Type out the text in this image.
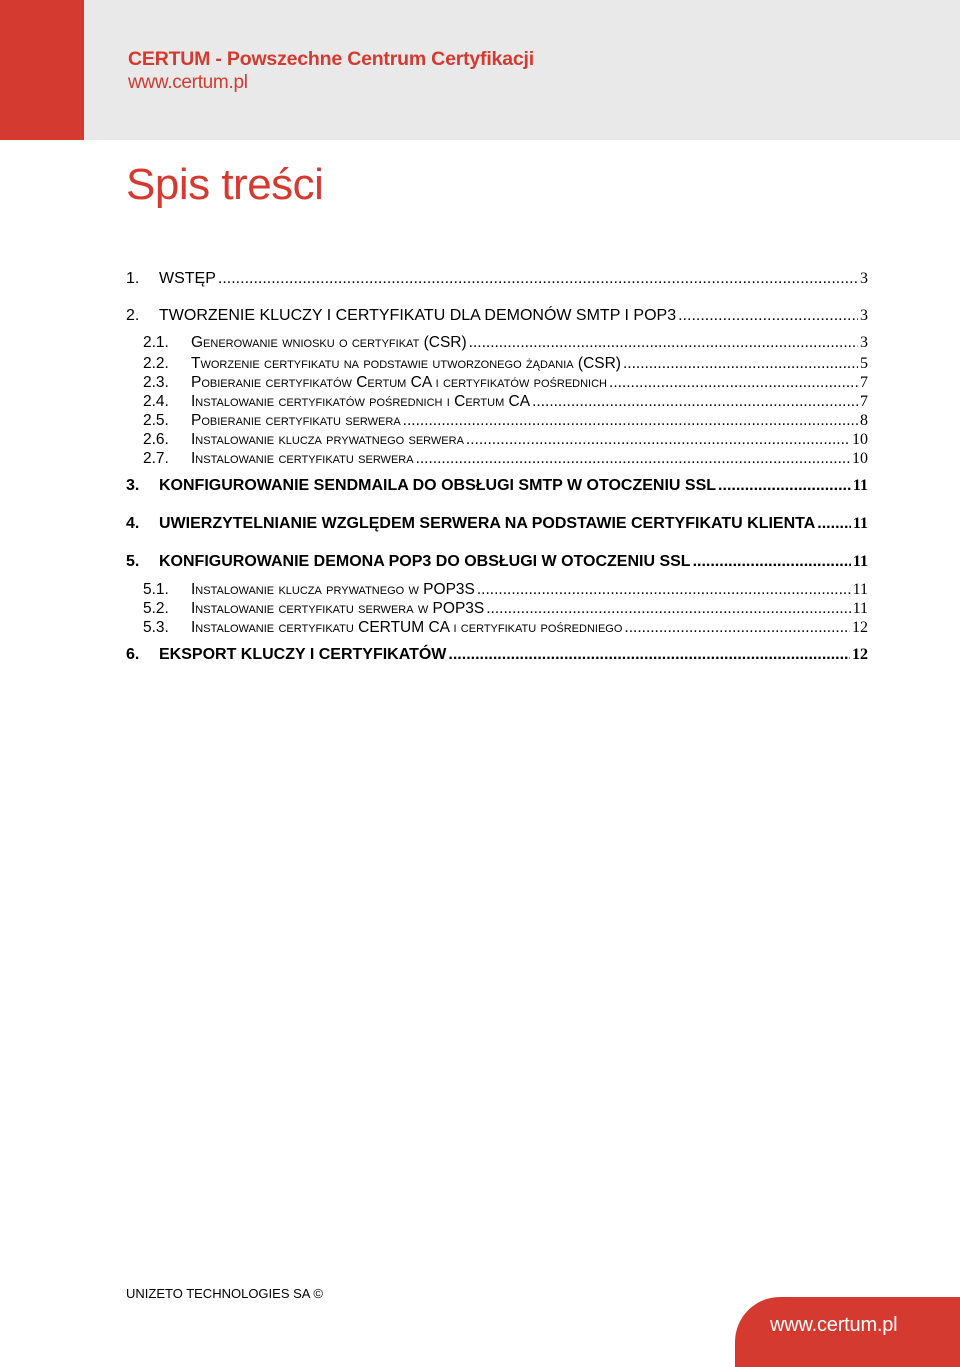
CERTUM - Powszechne Centrum Certyfikacji
www.certum.pl
Spis treści
1.	WSTĘP .....	3
2.	TWORZENIE KLUCZY I CERTYFIKATU DLA DEMONÓW SMTP I POP3 .....	3
2.1.	Generowanie wniosku o certyfikat (CSR) .....	3
2.2.	Tworzenie certyfikatu na podstawie utworzonego żądania (CSR) .....	5
2.3.	Pobieranie certyfikatów Certum CA i certyfikatów pośrednich .....	7
2.4.	Instalowanie certyfikatów pośrednich i Certum CA .....	7
2.5.	Pobieranie certyfikatu serwera .....	8
2.6.	Instalowanie klucza prywatnego serwera .....	10
2.7.	Instalowanie certyfikatu serwera .....	10
3.	KONFIGUROWANIE SENDMAILA DO OBSŁUGI SMTP W OTOCZENIU SSL .....	11
4.	UWIERZYTELNIANIE WZGLĘDEM SERWERA NA PODSTAWIE CERTYFIKATU KLIENTA ..... 11
5.	KONFIGUROWANIE DEMONA POP3 DO OBSŁUGI W OTOCZENIU SSL .....	11
5.1.	Instalowanie klucza prywatnego w POP3S .....	11
5.2.	Instalowanie certyfikatu serwera w POP3S .....	11
5.3.	Instalowanie certyfikatu CERTUM CA i certyfikatu pośredniego .....	12
6.	EKSPORT KLUCZY I CERTYFIKATÓW .....	12
UNIZETO TECHNOLOGIES SA ©
www.certum.pl
